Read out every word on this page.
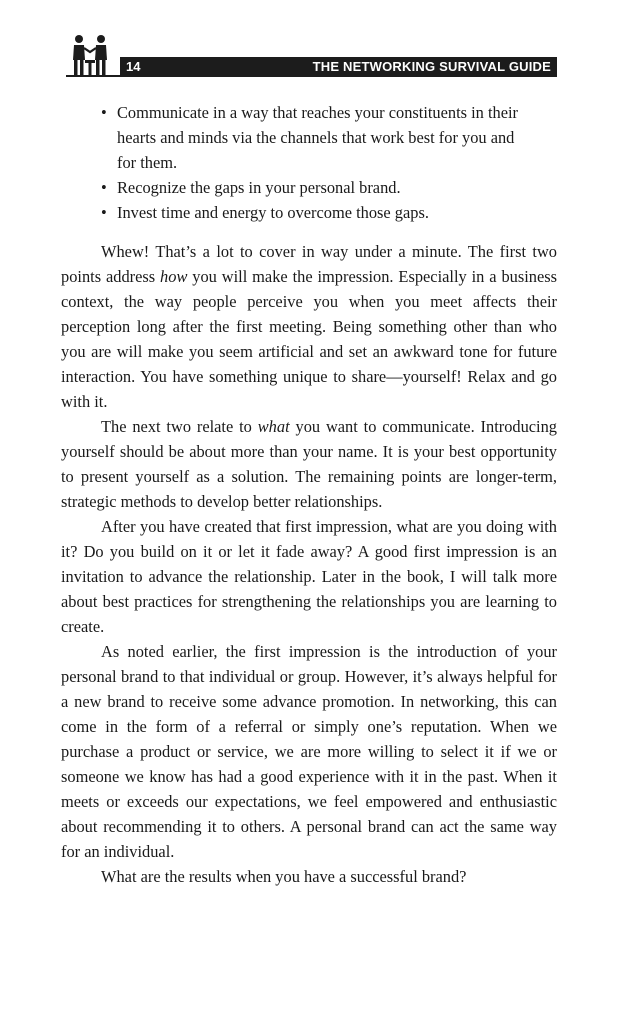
14	THE NETWORKING SURVIVAL GUIDE
• Communicate in a way that reaches your constituents in their hearts and minds via the channels that work best for you and for them.
• Recognize the gaps in your personal brand.
• Invest time and energy to overcome those gaps.

Whew! That’s a lot to cover in way under a minute. The first two points address how you will make the impression. Especially in a business context, the way people perceive you when you meet affects their perception long after the first meeting. Being something other than who you are will make you seem artificial and set an awkward tone for future interaction. You have something unique to share—yourself! Relax and go with it.

The next two relate to what you want to communicate. Introducing yourself should be about more than your name. It is your best opportunity to present yourself as a solution. The remaining points are longer-term, strategic methods to develop better relationships.

After you have created that first impression, what are you doing with it? Do you build on it or let it fade away? A good first impression is an invitation to advance the relationship. Later in the book, I will talk more about best practices for strengthening the relationships you are learning to create.

As noted earlier, the first impression is the introduction of your personal brand to that individual or group. However, it’s always helpful for a new brand to receive some advance promotion. In networking, this can come in the form of a referral or simply one’s reputation. When we purchase a product or service, we are more willing to select it if we or someone we know has had a good experience with it in the past. When it meets or exceeds our expectations, we feel empowered and enthusiastic about recommending it to others. A personal brand can act the same way for an individual.

What are the results when you have a successful brand?
